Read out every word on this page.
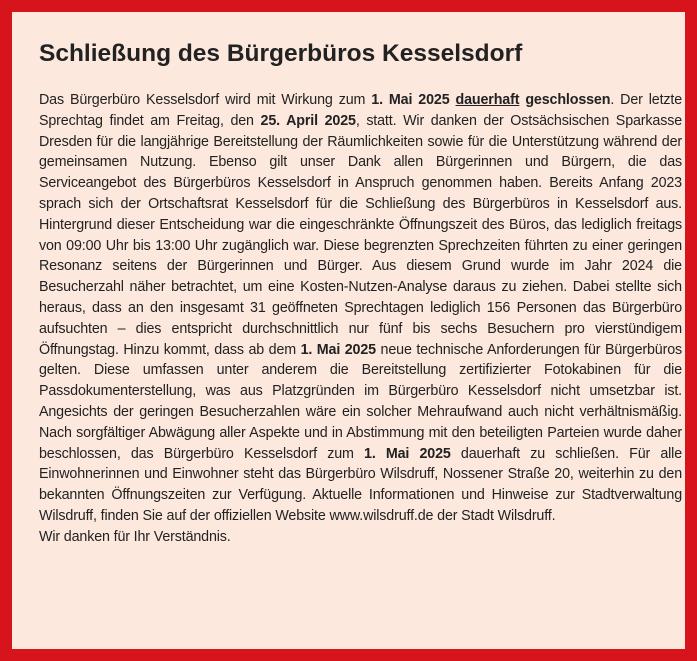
Schließung des Bürgerbüros Kesselsdorf

Das Bürgerbüro Kesselsdorf wird mit Wirkung zum 1. Mai 2025 dauerhaft geschlossen. Der letzte Sprechtag findet am Freitag, den 25. April 2025, statt. Wir danken der Ostsächsischen Sparkasse Dresden für die langjährige Bereitstellung der Räumlichkeiten sowie für die Unterstützung während der gemeinsamen Nutzung. Ebenso gilt unser Dank allen Bürgerinnen und Bürgern, die das Serviceangebot des Bürgerbüros Kesselsdorf in Anspruch genommen haben. Bereits Anfang 2023 sprach sich der Ortschaftsrat Kesselsdorf für die Schließung des Bürgerbüros in Kesselsdorf aus. Hintergrund dieser Entscheidung war die eingeschränkte Öffnungszeit des Büros, das lediglich freitags von 09:00 Uhr bis 13:00 Uhr zugänglich war. Diese begrenzten Sprechzeiten führten zu einer geringen Resonanz seitens der Bürgerinnen und Bürger. Aus diesem Grund wurde im Jahr 2024 die Besucherzahl näher betrachtet, um eine Kosten-Nutzen-Analyse daraus zu ziehen. Dabei stellte sich heraus, dass an den insgesamt 31 geöffneten Sprechtagen lediglich 156 Personen das Bürgerbüro aufsuchten – dies entspricht durchschnittlich nur fünf bis sechs Besuchern pro vierstündigem Öffnungstag. Hinzu kommt, dass ab dem 1. Mai 2025 neue technische Anforderungen für Bürgerbüros gelten. Diese umfassen unter anderem die Bereitstellung zertifizierter Fotokabinen für die Passdokumenterstellung, was aus Platzgründen im Bürgerbüro Kesselsdorf nicht umsetzbar ist. Angesichts der geringen Besucherzahlen wäre ein solcher Mehraufwand auch nicht verhältnismäßig. Nach sorgfältiger Abwägung aller Aspekte und in Abstimmung mit den beteiligten Parteien wurde daher beschlossen, das Bürgerbüro Kesselsdorf zum 1. Mai 2025 dauerhaft zu schließen. Für alle Einwohnerinnen und Einwohner steht das Bürgerbüro Wilsdruff, Nossener Straße 20, weiterhin zu den bekannten Öffnungszeiten zur Verfügung. Aktuelle Informationen und Hinweise zur Stadtverwaltung Wilsdruff, finden Sie auf der offiziellen Website www.wilsdruff.de der Stadt Wilsdruff.

Wir danken für Ihr Verständnis.
